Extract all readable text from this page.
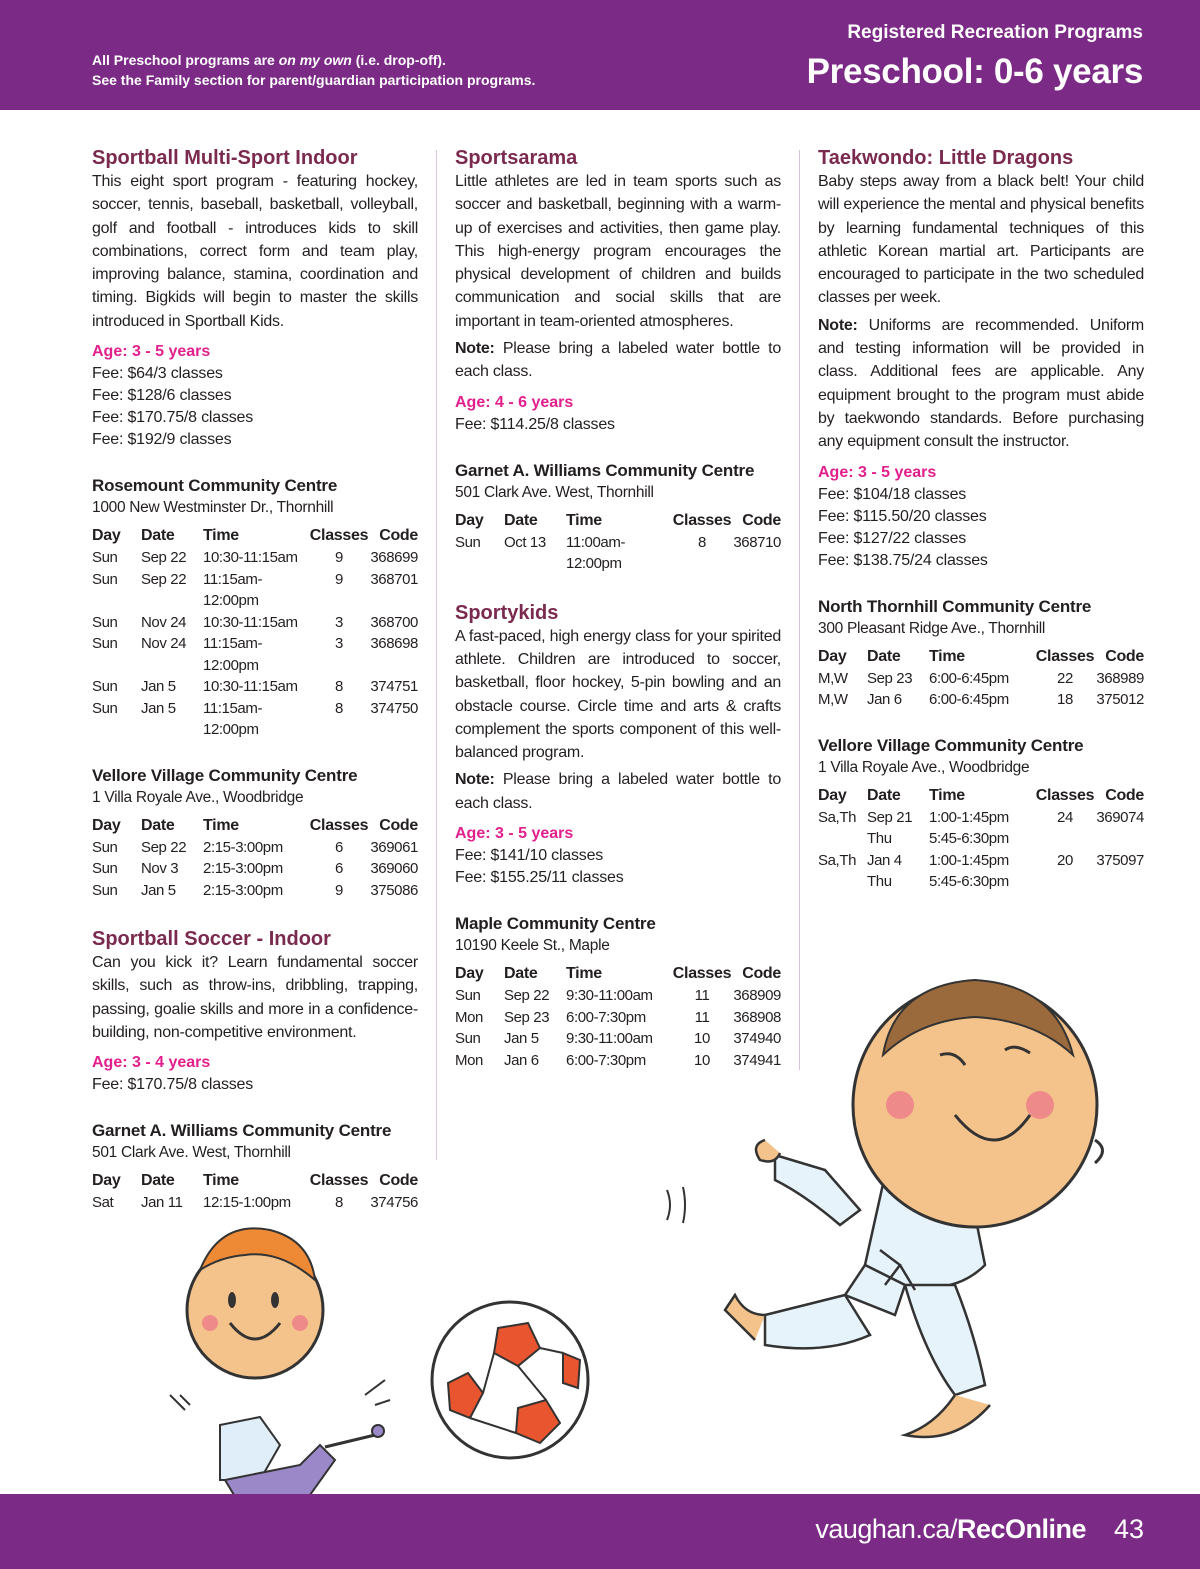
All Preschool programs are on my own (i.e. drop-off).
See the Family section for parent/guardian participation programs.
Registered Recreation Programs
Preschool: 0-6 years
Sportball Multi-Sport Indoor
This eight sport program - featuring hockey, soccer, tennis, baseball, basketball, volleyball, golf and football - introduces kids to skill combinations, correct form and team play, improving balance, stamina, coordination and timing. Bigkids will begin to master the skills introduced in Sportball Kids.
Age: 3 - 5 years
Fee: $64/3 classes
Fee: $128/6 classes
Fee: $170.75/8 classes
Fee: $192/9 classes
Rosemount Community Centre
1000 New Westminster Dr., Thornhill
Day	Date	Time	Classes	Code
Sun	Sep 22	10:30-11:15am	9	368699
Sun	Sep 22	11:15am-12:00pm	9	368701
Sun	Nov 24	10:30-11:15am	3	368700
Sun	Nov 24	11:15am-12:00pm	3	368698
Sun	Jan 5	10:30-11:15am	8	374751
Sun	Jan 5	11:15am-12:00pm	8	374750
Vellore Village Community Centre
1 Villa Royale Ave., Woodbridge
Day	Date	Time	Classes	Code
Sun	Sep 22	2:15-3:00pm	6	369061
Sun	Nov 3	2:15-3:00pm	6	369060
Sun	Jan 5	2:15-3:00pm	9	375086
Sportball Soccer - Indoor
Can you kick it? Learn fundamental soccer skills, such as throw-ins, dribbling, trapping, passing, goalie skills and more in a confidence-building, non-competitive environment.
Age: 3 - 4 years
Fee: $170.75/8 classes
Garnet A. Williams Community Centre
501 Clark Ave. West, Thornhill
Day	Date	Time	Classes	Code
Sat	Jan 11	12:15-1:00pm	8	374756
Sportsarama
Little athletes are led in team sports such as soccer and basketball, beginning with a warm-up of exercises and activities, then game play. This high-energy program encourages the physical development of children and builds communication and social skills that are important in team-oriented atmospheres.
Note: Please bring a labeled water bottle to each class.
Age: 4 - 6 years
Fee: $114.25/8 classes
Garnet A. Williams Community Centre
501 Clark Ave. West, Thornhill
Day	Date	Time	Classes	Code
Sun	Oct 13	11:00am-12:00pm	8	368710
Sportykids
A fast-paced, high energy class for your spirited athlete. Children are introduced to soccer, basketball, floor hockey, 5-pin bowling and an obstacle course. Circle time and arts & crafts complement the sports component of this well-balanced program.
Note: Please bring a labeled water bottle to each class.
Age: 3 - 5 years
Fee: $141/10 classes
Fee: $155.25/11 classes
Maple Community Centre
10190 Keele St., Maple
Day	Date	Time	Classes	Code
Sun	Sep 22	9:30-11:00am	11	368909
Mon	Sep 23	6:00-7:30pm	11	368908
Sun	Jan 5	9:30-11:00am	10	374940
Mon	Jan 6	6:00-7:30pm	10	374941
Taekwondo: Little Dragons
Baby steps away from a black belt! Your child will experience the mental and physical benefits by learning fundamental techniques of this athletic Korean martial art. Participants are encouraged to participate in the two scheduled classes per week.
Note: Uniforms are recommended. Uniform and testing information will be provided in class. Additional fees are applicable. Any equipment brought to the program must abide by taekwondo standards. Before purchasing any equipment consult the instructor.
Age: 3 - 5 years
Fee: $104/18 classes
Fee: $115.50/20 classes
Fee: $127/22 classes
Fee: $138.75/24 classes
North Thornhill Community Centre
300 Pleasant Ridge Ave., Thornhill
Day	Date	Time	Classes	Code
M,W	Sep 23	6:00-6:45pm	22	368989
M,W	Jan 6	6:00-6:45pm	18	375012
Vellore Village Community Centre
1 Villa Royale Ave., Woodbridge
Day	Date	Time	Classes	Code
Sa,Th	Sep 21	1:00-1:45pm	24	369074
	Thu	5:45-6:30pm		
Sa,Th	Jan 4	1:00-1:45pm	20	375097
	Thu	5:45-6:30pm		
vaughan.ca/RecOnline 43
